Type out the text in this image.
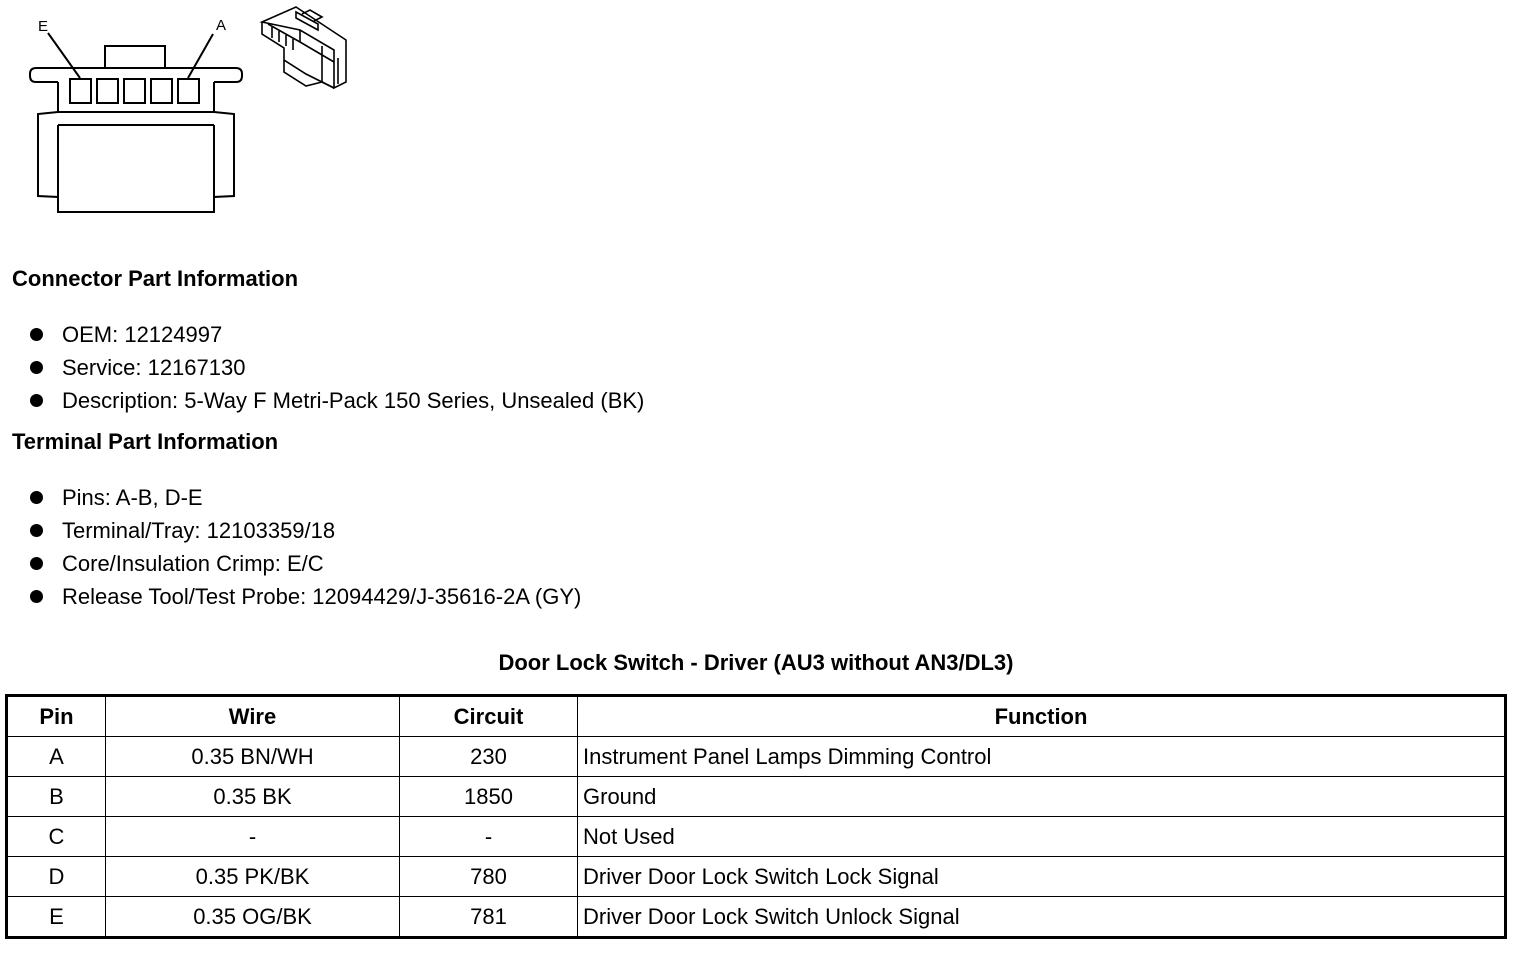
E	A
Connector Part Information
OEM: 12124997
Service: 12167130
Description: 5-Way F Metri-Pack 150 Series, Unsealed (BK)
Terminal Part Information
Pins: A-B, D-E
Terminal/Tray: 12103359/18
Core/Insulation Crimp: E/C
Release Tool/Test Probe: 12094429/J-35616-2A (GY)
Door Lock Switch - Driver (AU3 without AN3/DL3)
Pin	Wire	Circuit	Function
A	0.35 BN/WH	230	Instrument Panel Lamps Dimming Control
B	0.35 BK	1850	Ground
C	-	-	Not Used
D	0.35 PK/BK	780	Driver Door Lock Switch Lock Signal
E	0.35 OG/BK	781	Driver Door Lock Switch Unlock Signal
